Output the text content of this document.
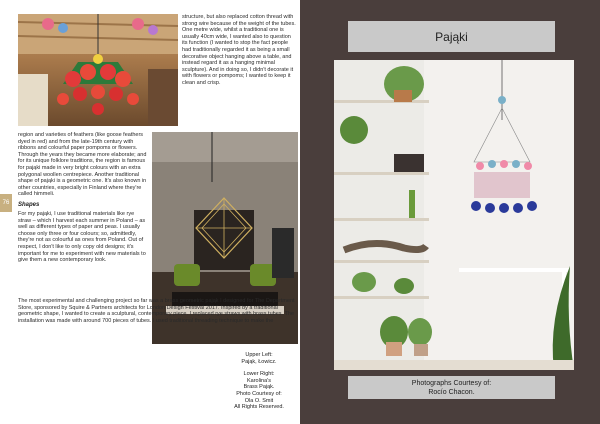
structure, but also replaced cotton thread with strong wire because of the weight of the tubes. One metre wide, whilst a traditional one is usually 40cm wide, I wanted also to question its function (I wanted to stop the fact people had traditionally regarded it as being a small decorative object hanging above a table, and instead regard it as a hanging minimal sculpture). And in doing so, I didn't decorate it with flowers or pompoms; I wanted to keep it clean and crisp.
region and varieties of feathers (like goose feathers dyed in red) and from the late-19th century with ribbons and colourful paper pompoms or flowers. Through the years they became more elaborate; and for its unique folklore traditions, the region is famous for pająki made in very bright colours with an extra polygonal woollen centrepiece. Another traditional shape of pająki is a geometric one. It's also known in other countries, especially in Finland where they're called himmeli.
Shapes
For my pająki, I use traditional materials like rye straw – which I harvest each summer in Poland – as well as different types of paper and peas. I usually choose only three or four colours; so, admittedly, they're not as colourful as ones from Poland. Out of respect, I don't like to only copy old designs; it's important for me to experiment with new materials to give them a new contemporary look.
The most experimental and challenging project so far was a brass geometric pająk I designed for The Department Store, sponsored by Squire & Partners architects for London Design Festival 2017. Inspired by a traditional geometric shape, I wanted to create a sculptural, contemporary piece. I replaced rye straws with brass tubes. The installation was made with around 700 pieces of tubes. I used traditional threading technique to make the
76
Upper Left:
Pająk, Łowicz.
Lower Right:
Karolina's
Brass Pająk.
Photo Courtesy of:
Ola O. Smit
All Rights Reserved.
Pająki
Photographs Courtesy of:
Rocío Chacon.
